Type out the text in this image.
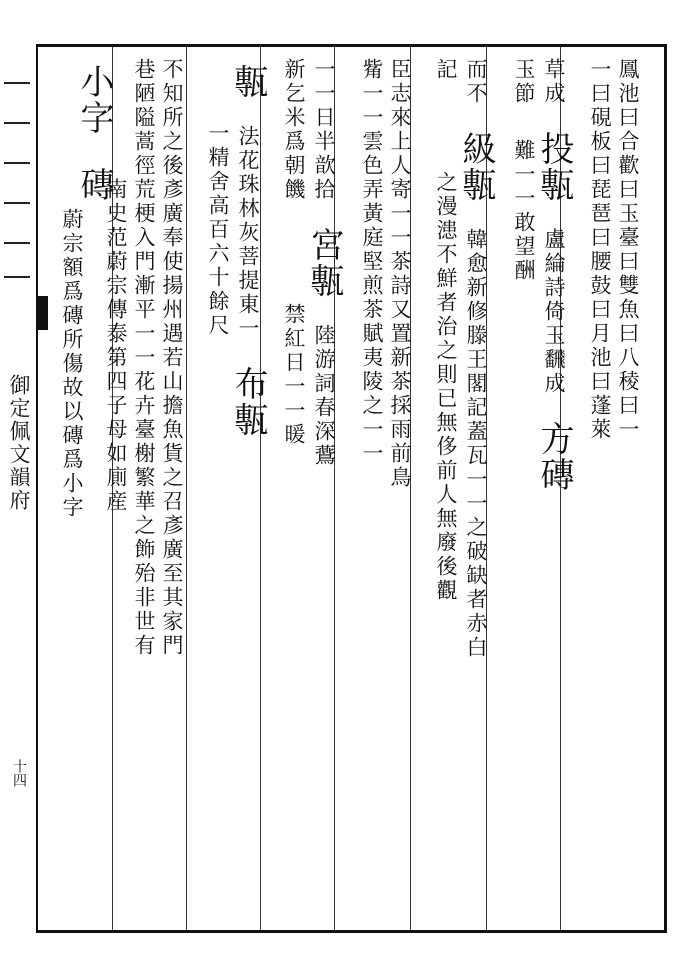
御定佩文韻府
十四
鳳池曰合歡曰玉臺曰雙魚曰八稜曰一
一曰硯板曰琵琶曰腰鼓曰月池曰蓬萊
草成 投甎 盧綸詩倚玉飜成 方磚
玉節 難一一敢望酬
而不 級甎 韓愈新修滕王閣記蓋瓦一一之破缺者赤白
記 之漫漶不鮮者治之則已無侈前人無廢後觀
臣志來上人寄一一茶詩又置新茶採雨前鳥
觜一一雲色弄黃庭堅煎茶賦夷陵之一一
一一日半歆拾 宮甎 陸游詞春深鷰
新乞米爲朝饑 禁紅日一一暖
甎 法花珠林灰菩提東一 布甎
一精舍高百六十餘尺
不知所之後彥廣奉使揚州遇若山擔魚貨之召彥廣至其家門
巷陋隘蒿徑荒梗入門漸平一一花卉臺榭繁華之飾殆非世有
小字 磚
南史范蔚宗傳泰第四子母如廁産
蔚宗額爲磚所傷故以磚爲小字
